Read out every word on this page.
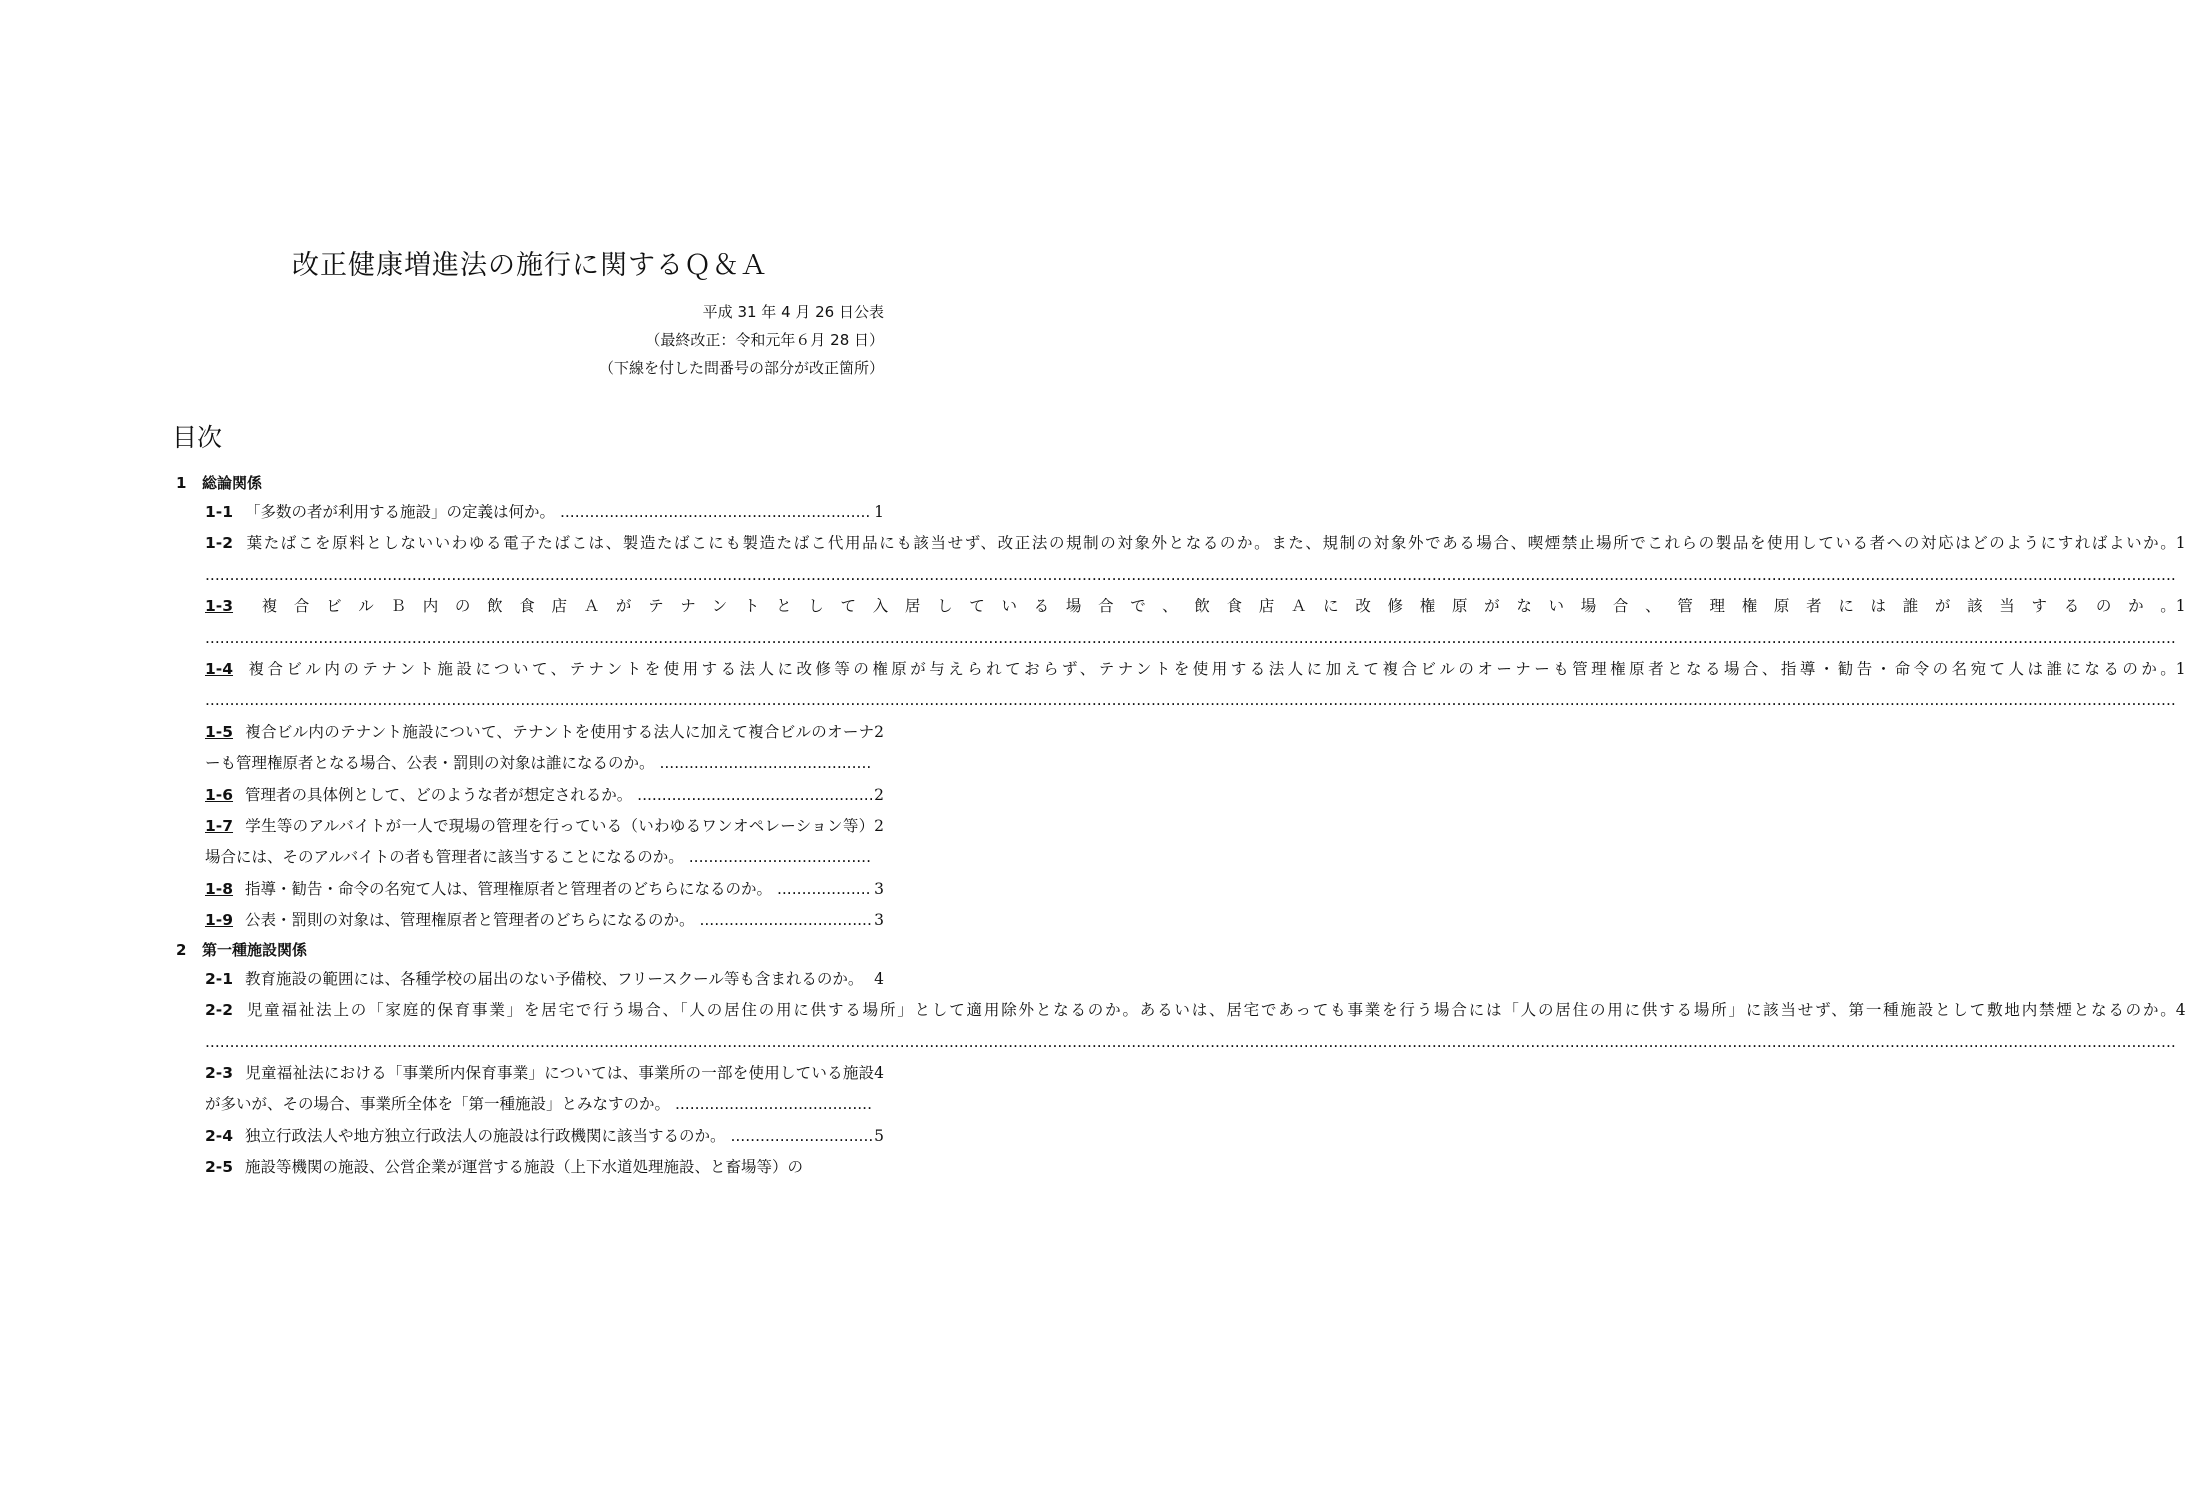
改正健康増進法の施行に関するＱ＆Ａ
平成 31 年 4 月 26 日公表
（最終改正：令和元年６月 28 日）
（下線を付した問番号の部分が改正箇所）
目次
1 総論関係
1-1 「多数の者が利用する施設」の定義は何か。 ............................................................... 1
1-2 葉たばこを原料としないいわゆる電子たばこは、製造たばこにも製造たばこ代用品にも該当せず、改正法の規制の対象外となるのか。また、規制の対象外である場合、喫煙禁止場所でこれらの製品を使用している者への対応はどのようにすればよいか。 ................................................................................................................................................................................................................................................................................................................................................................................................................
1
1-3 複合ビルＢ内の飲食店Ａがテナントとして入居している場合で、飲食店Ａに改修権原がない場合、管理権原者には誰が該当するのか。 ................................................................................................................................................................................................................................................................................................................................................................................................................
1
1-4 複合ビル内のテナント施設について、テナントを使用する法人に改修等の権原が与えられておらず、テナントを使用する法人に加えて複合ビルのオーナーも管理権原者となる場合、指導・勧告・命令の名宛て人は誰になるのか。 ................................................................................................................................................................................................................................................................................................................................................................................................................
1
1-5 複合ビル内のテナント施設について、テナントを使用する法人に加えて複合ビルのオーナーも管理権原者となる場合、公表・罰則の対象は誰になるのか。 ...........................................
2
1-6 管理者の具体例として、どのような者が想定されるか。 ................................................ 2
1-7 学生等のアルバイトが一人で現場の管理を行っている（いわゆるワンオペレーション等）場合には、そのアルバイトの者も管理者に該当することになるのか。 .....................................
2
1-8 指導・勧告・命令の名宛て人は、管理権原者と管理者のどちらになるのか。 ................... 3
1-9 公表・罰則の対象は、管理権原者と管理者のどちらになるのか。 ................................... 3
2 第一種施設関係
2-1 教育施設の範囲には、各種学校の届出のない予備校、フリースクール等も含まれるのか。 4
2-2 児童福祉法上の「家庭的保育事業」を居宅で行う場合、「人の居住の用に供する場所」として適用除外となるのか。あるいは、居宅であっても事業を行う場合には「人の居住の用に供する場所」に該当せず、第一種施設として敷地内禁煙となるのか。 ................................................................................................................................................................................................................................................................................................................................................................................................................
4
2-3 児童福祉法における「事業所内保育事業」については、事業所の一部を使用している施設が多いが、その場合、事業所全体を「第一種施設」とみなすのか。 ........................................
4
2-4 独立行政法人や地方独立行政法人の施設は行政機関に該当するのか。 ............................. 5
2-5 施設等機関の施設、公営企業が運営する施設（上下水道処理施設、と畜場等）の
